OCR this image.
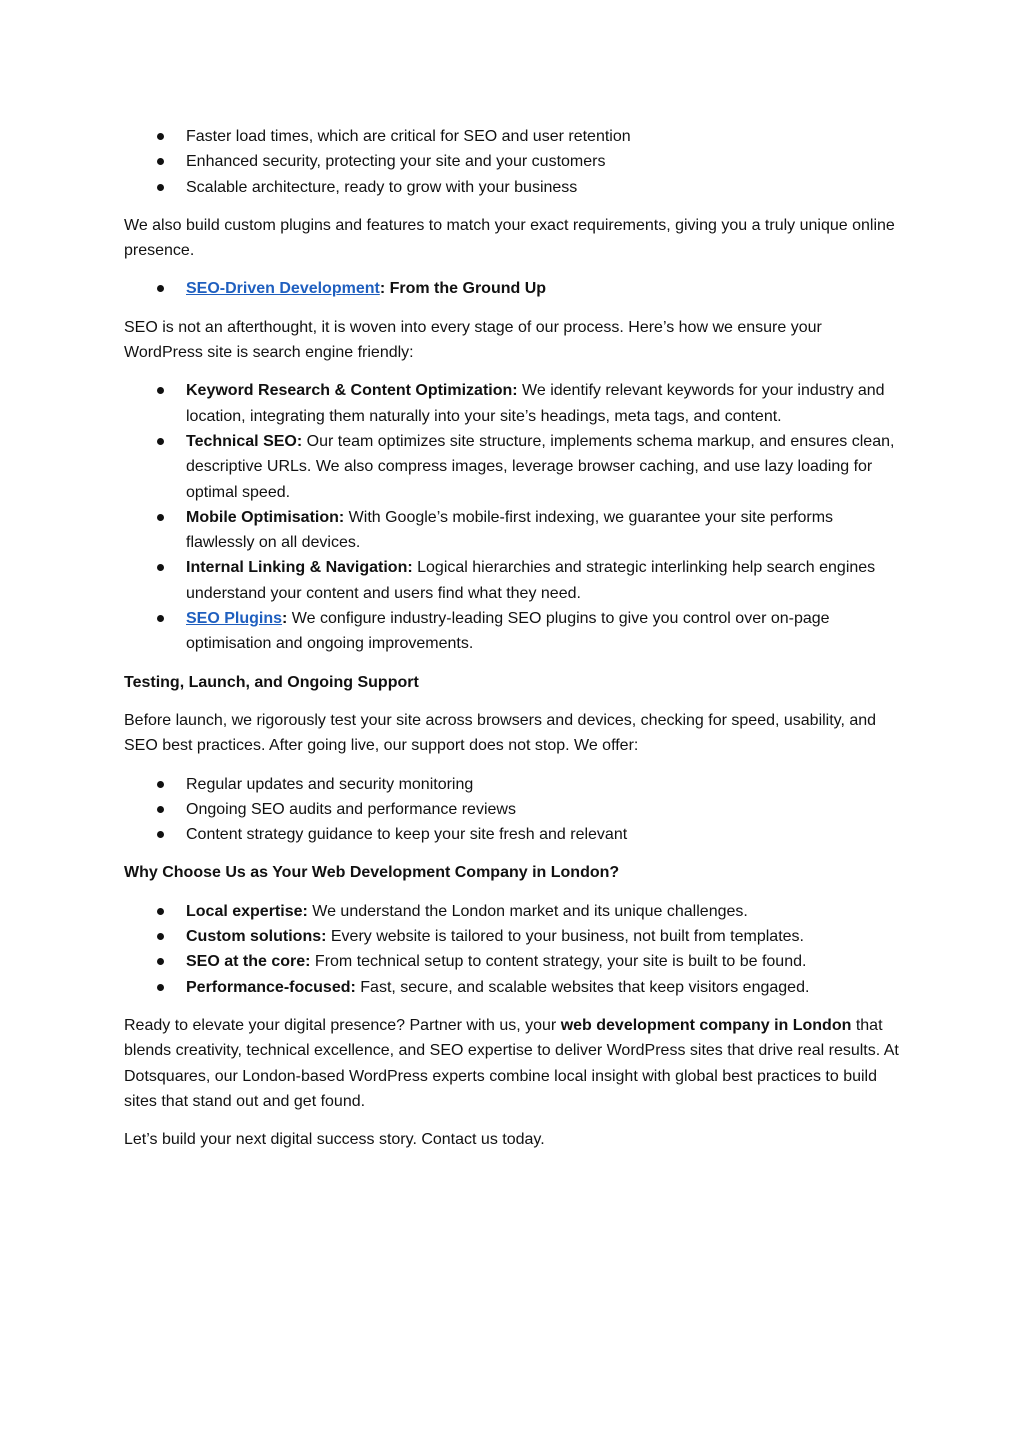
Faster load times, which are critical for SEO and user retention
Enhanced security, protecting your site and your customers
Scalable architecture, ready to grow with your business

We also build custom plugins and features to match your exact requirements, giving you a truly unique online presence.

SEO-Driven Development: From the Ground Up

SEO is not an afterthought, it is woven into every stage of our process. Here’s how we ensure your WordPress site is search engine friendly:

Keyword Research & Content Optimization: We identify relevant keywords for your industry and location, integrating them naturally into your site’s headings, meta tags, and content.
Technical SEO: Our team optimizes site structure, implements schema markup, and ensures clean, descriptive URLs. We also compress images, leverage browser caching, and use lazy loading for optimal speed.
Mobile Optimisation: With Google’s mobile-first indexing, we guarantee your site performs flawlessly on all devices.
Internal Linking & Navigation: Logical hierarchies and strategic interlinking help search engines understand your content and users find what they need.
SEO Plugins: We configure industry-leading SEO plugins to give you control over on-page optimisation and ongoing improvements.

Testing, Launch, and Ongoing Support

Before launch, we rigorously test your site across browsers and devices, checking for speed, usability, and SEO best practices. After going live, our support does not stop. We offer:

Regular updates and security monitoring
Ongoing SEO audits and performance reviews
Content strategy guidance to keep your site fresh and relevant

Why Choose Us as Your Web Development Company in London?

Local expertise: We understand the London market and its unique challenges.
Custom solutions: Every website is tailored to your business, not built from templates.
SEO at the core: From technical setup to content strategy, your site is built to be found.
Performance-focused: Fast, secure, and scalable websites that keep visitors engaged.

Ready to elevate your digital presence? Partner with us, your web development company in London that blends creativity, technical excellence, and SEO expertise to deliver WordPress sites that drive real results. At Dotsquares, our London-based WordPress experts combine local insight with global best practices to build sites that stand out and get found.

Let’s build your next digital success story. Contact us today.
